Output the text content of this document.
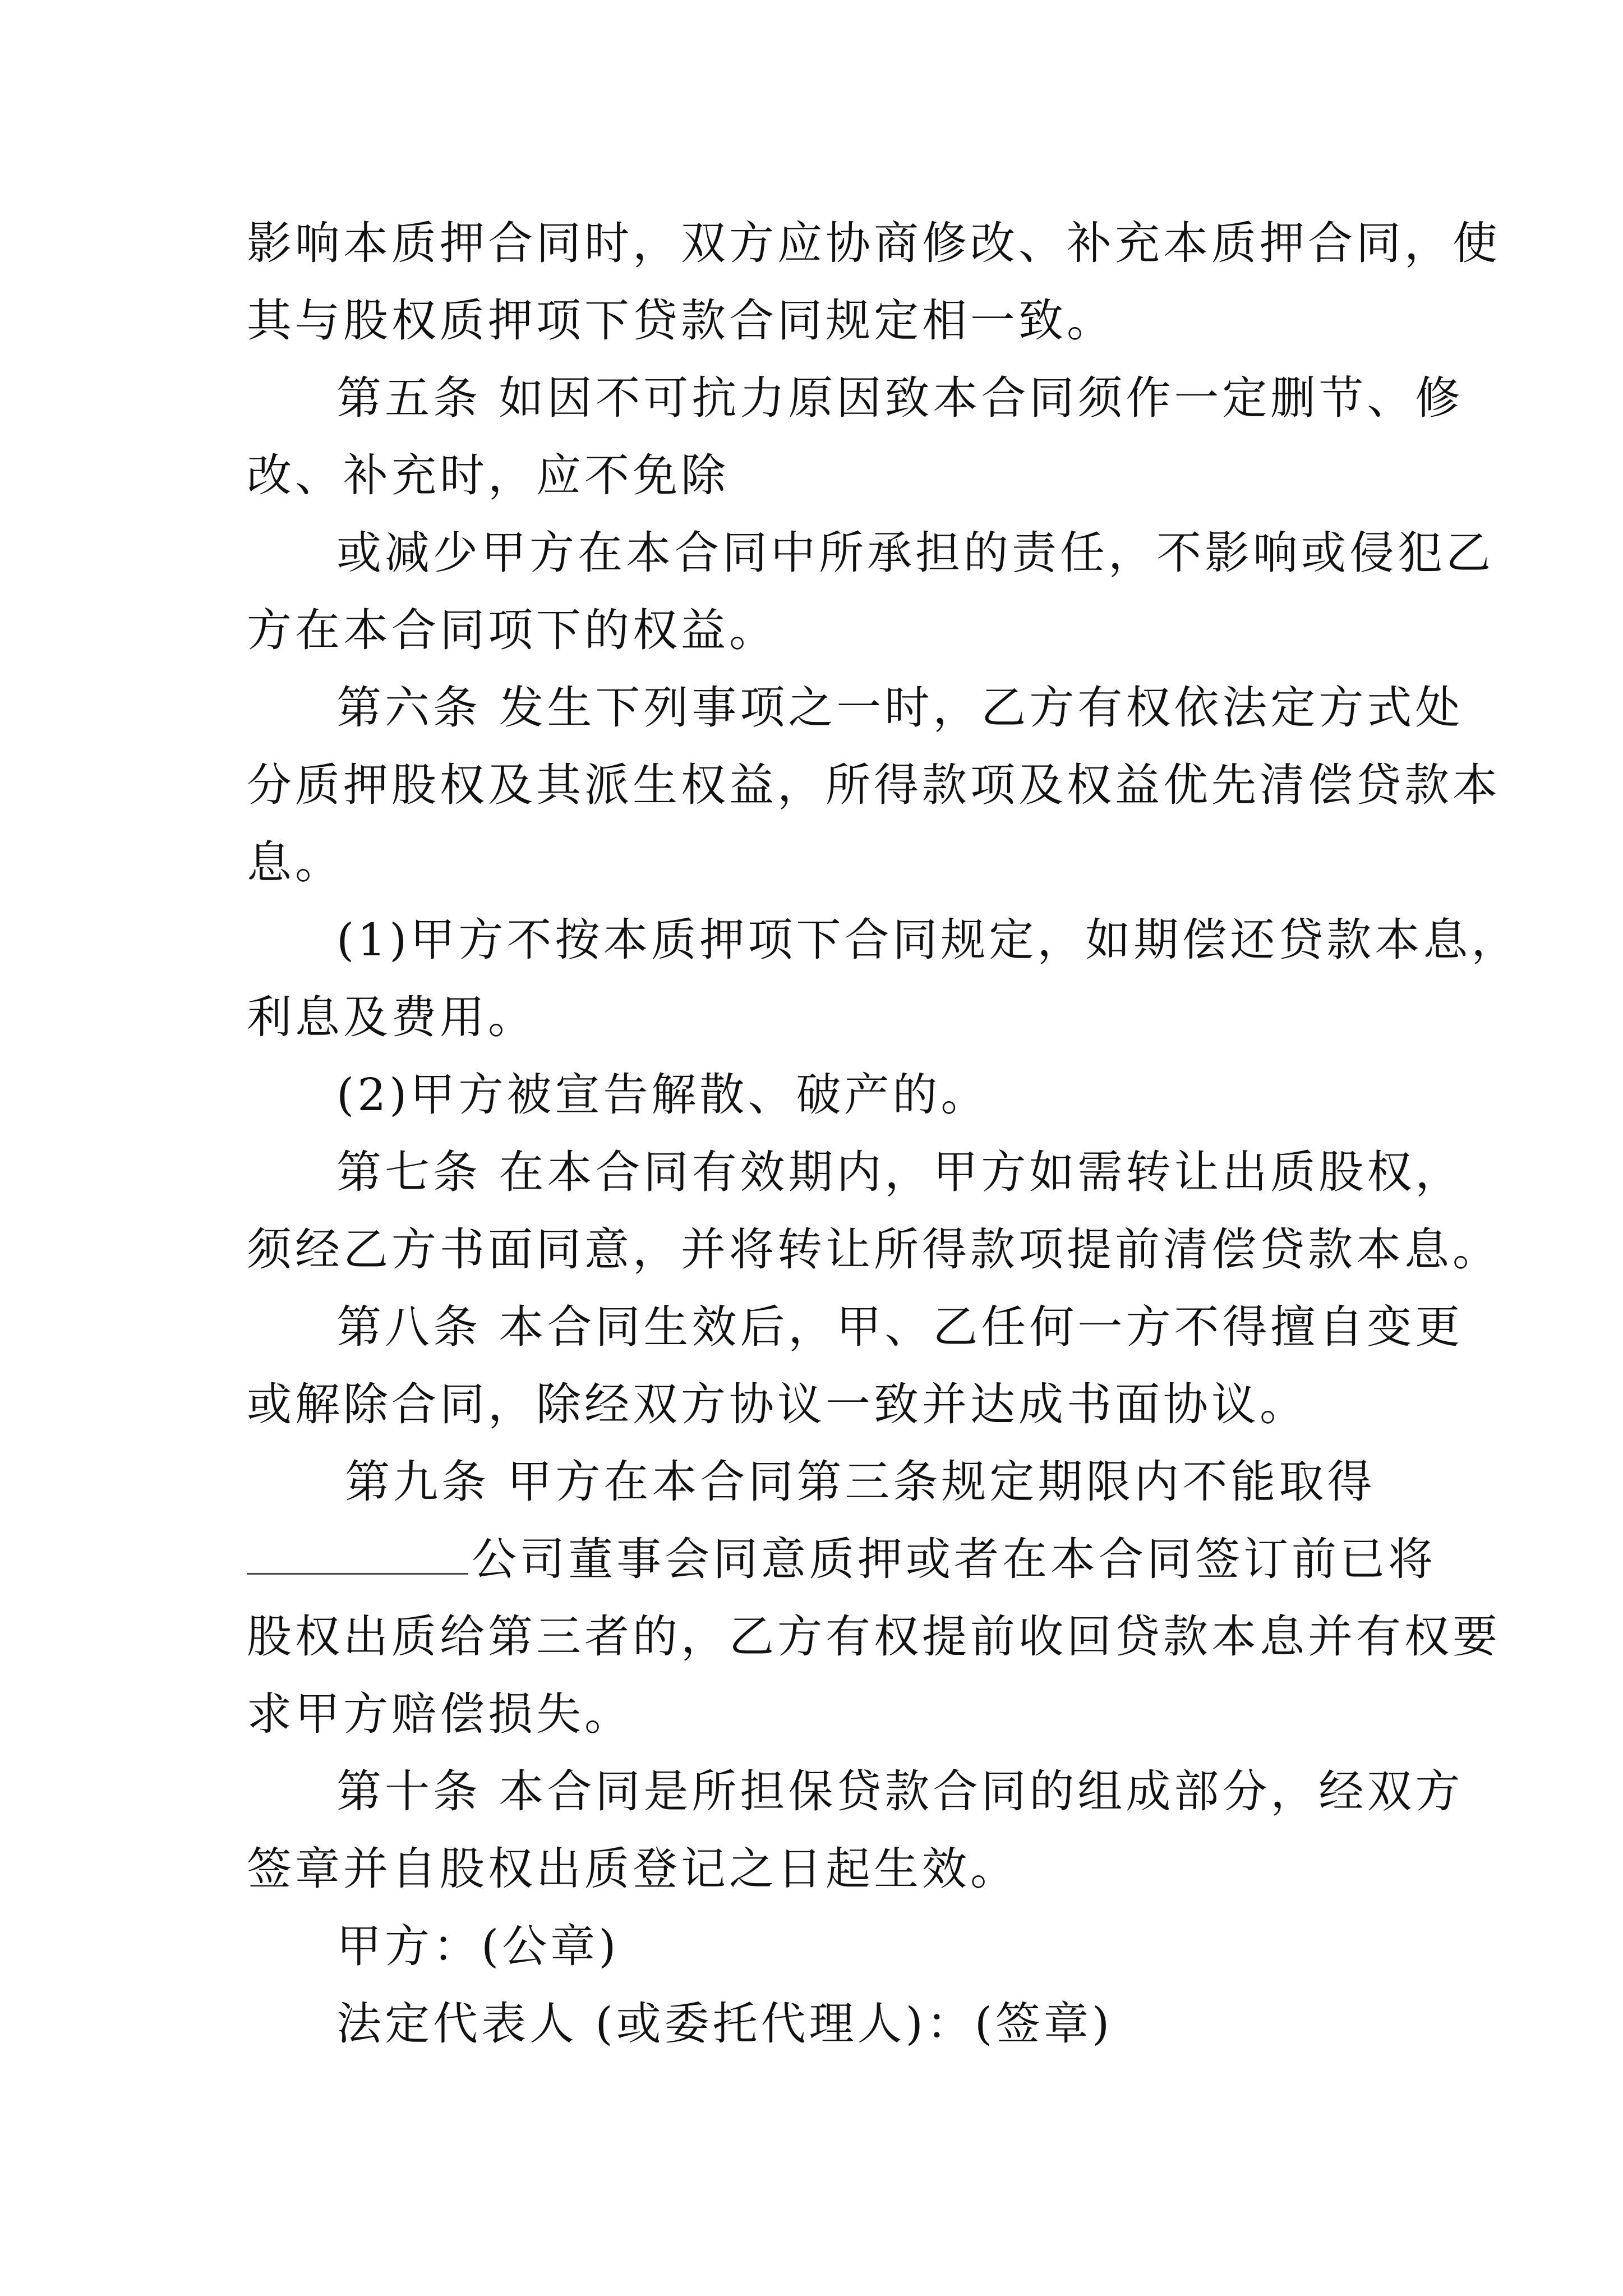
影响本质押合同时，双方应协商修改、补充本质押合同，使
其与股权质押项下贷款合同规定相一致。
第五条 如因不可抗力原因致本合同须作一定删节、修
改、补充时，应不免除
或减少甲方在本合同中所承担的责任，不影响或侵犯乙
方在本合同项下的权益。
第六条 发生下列事项之一时，乙方有权依法定方式处
分质押股权及其派生权益，所得款项及权益优先清偿贷款本
息。
(1)甲方不按本质押项下合同规定，如期偿还贷款本息，
利息及费用。
(2)甲方被宣告解散、破产的。
第七条 在本合同有效期内，甲方如需转让出质股权，
须经乙方书面同意，并将转让所得款项提前清偿贷款本息。
第八条 本合同生效后，甲、乙任何一方不得擅自变更
或解除合同，除经双方协议一致并达成书面协议。
第九条 甲方在本合同第三条规定期限内不能取得
公司董事会同意质押或者在本合同签订前已将
股权出质给第三者的，乙方有权提前收回贷款本息并有权要
求甲方赔偿损失。
第十条 本合同是所担保贷款合同的组成部分，经双方
签章并自股权出质登记之日起生效。
甲方：(公章)
法定代表人 (或委托代理人)：(签章)
